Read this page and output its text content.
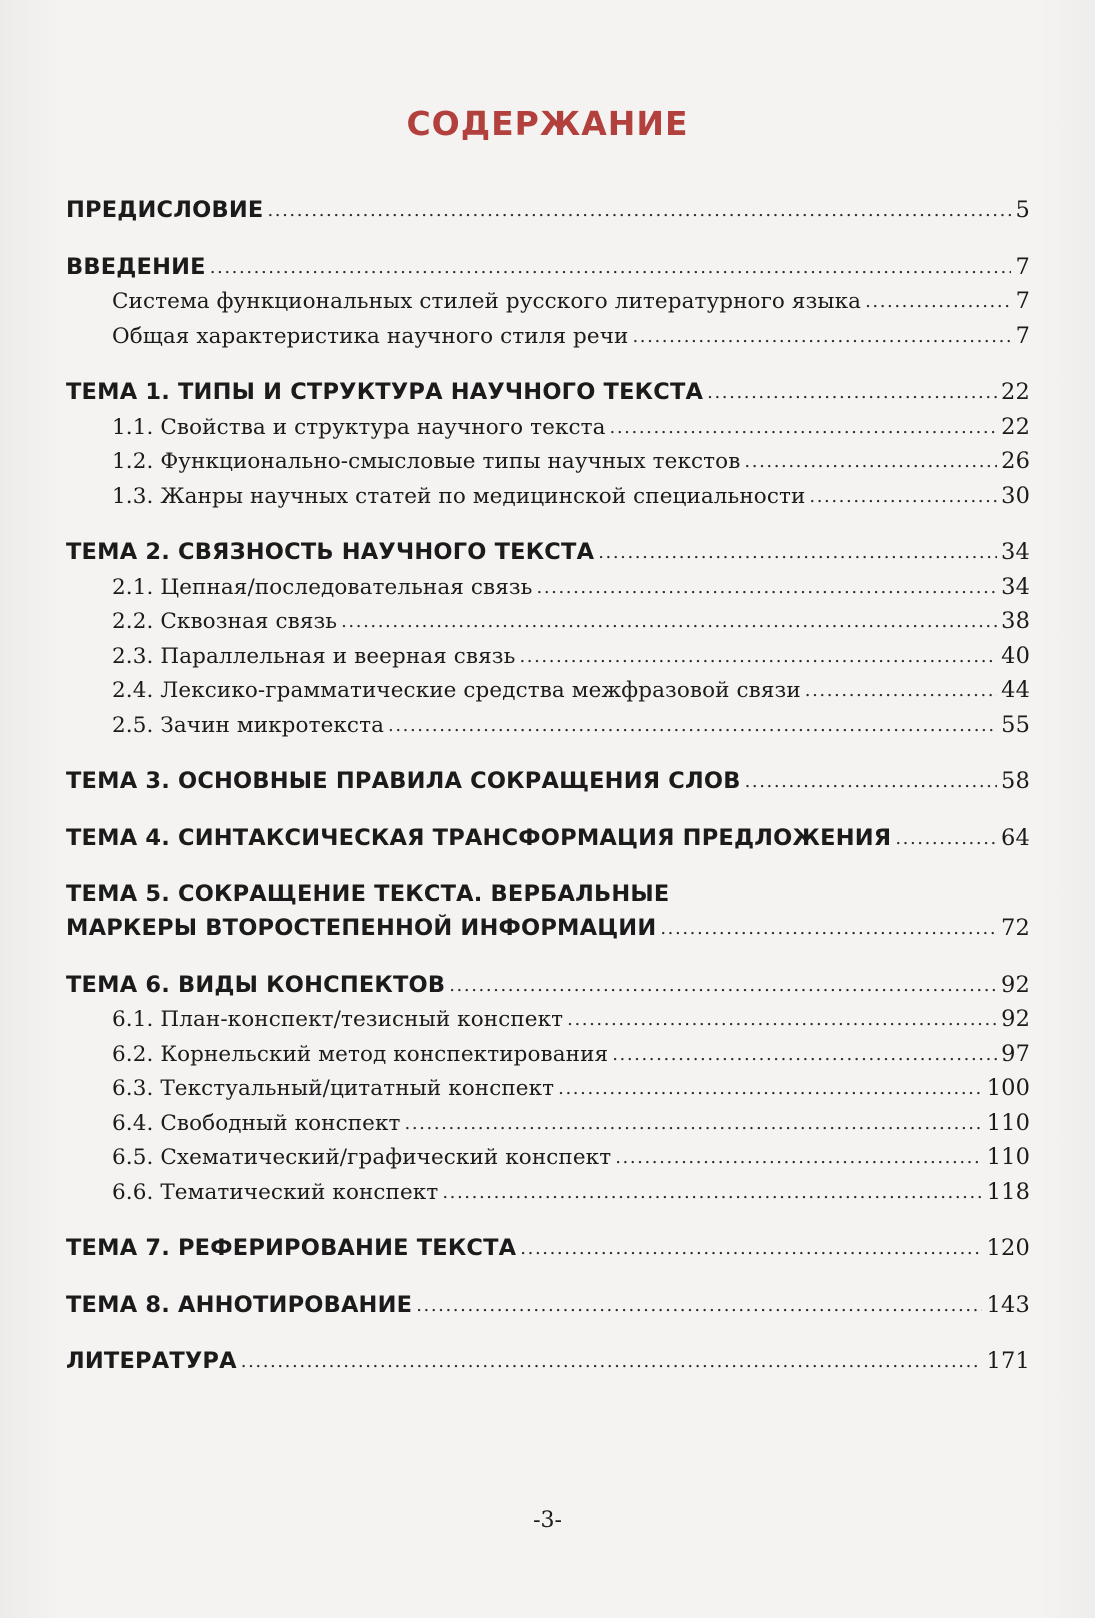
СОДЕРЖАНИЕ
ПРЕДИСЛОВИЕ .....	5
ВВЕДЕНИЕ .....	7
Система функциональных стилей русского литературного языка .....	7
Общая характеристика научного стиля речи .....	7
ТЕМА 1. ТИПЫ И СТРУКТУРА НАУЧНОГО ТЕКСТА .....	22
1.1. Свойства и структура научного текста .....	22
1.2. Функционально-смысловые типы научных текстов .....	26
1.3. Жанры научных статей по медицинской специальности .....	30
ТЕМА 2. СВЯЗНОСТЬ НАУЧНОГО ТЕКСТА .....	34
2.1. Цепная/последовательная связь .....	34
2.2. Сквозная связь .....	38
2.3. Параллельная и веерная связь .....	40
2.4. Лексико-грамматические средства межфразовой связи .....	44
2.5. Зачин микротекста .....	55
ТЕМА 3. ОСНОВНЫЕ ПРАВИЛА СОКРАЩЕНИЯ СЛОВ .....	58
ТЕМА 4. СИНТАКСИЧЕСКАЯ ТРАНСФОРМАЦИЯ ПРЕДЛОЖЕНИЯ .....	64
ТЕМА 5. СОКРАЩЕНИЕ ТЕКСТА. ВЕРБАЛЬНЫЕ
МАРКЕРЫ ВТОРОСТЕПЕННОЙ ИНФОРМАЦИИ .....	72
ТЕМА 6. ВИДЫ КОНСПЕКТОВ .....	92
6.1. План-конспект/тезисный конспект .....	92
6.2. Корнельский метод конспектирования .....	97
6.3. Текстуальный/цитатный конспект .....	100
6.4. Свободный конспект .....	110
6.5. Схематический/графический конспект .....	110
6.6. Тематический конспект .....	118
ТЕМА 7. РЕФЕРИРОВАНИЕ ТЕКСТА .....	120
ТЕМА 8. АННОТИРОВАНИЕ .....	143
ЛИТЕРАТУРА .....	171
-3-
